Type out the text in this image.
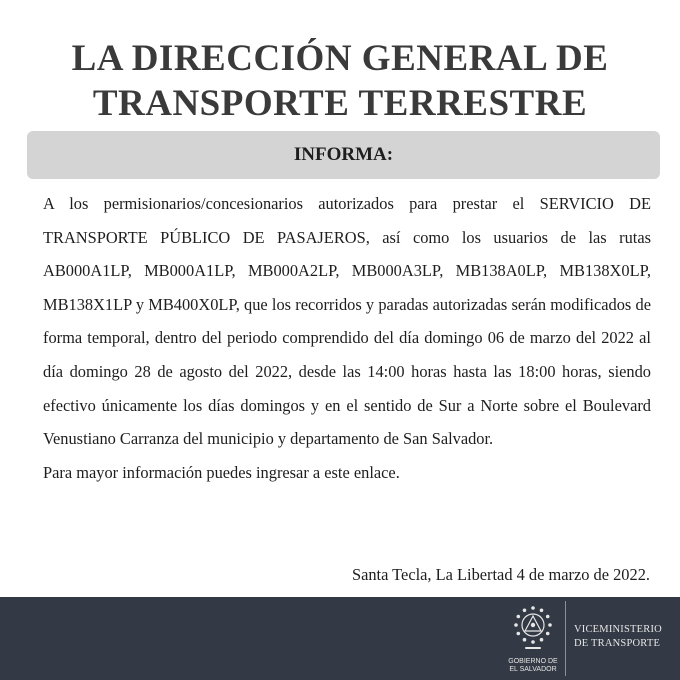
LA DIRECCIÓN GENERAL DE
TRANSPORTE TERRESTRE
INFORMA:

A los permisionarios/concesionarios autorizados para prestar el SERVICIO DE TRANSPORTE PÚBLICO DE PASAJEROS, así como los usuarios de las rutas AB000A1LP, MB000A1LP, MB000A2LP, MB000A3LP, MB138A0LP, MB138X0LP, MB138X1LP y MB400X0LP, que los recorridos y paradas autorizadas serán modificados de forma temporal, dentro del periodo comprendido del día domingo 06 de marzo del 2022 al día domingo 28 de agosto del 2022, desde las 14:00 horas hasta las 18:00 horas, siendo efectivo únicamente los días domingos y en el sentido de Sur a Norte sobre el Boulevard Venustiano Carranza del municipio y departamento de San Salvador.

Para mayor información puedes ingresar a este enlace.

Santa Tecla, La Libertad 4 de marzo de 2022.
GOBIERNO DE
EL SALVADOR
VICEMINISTERIO
DE TRANSPORTE
